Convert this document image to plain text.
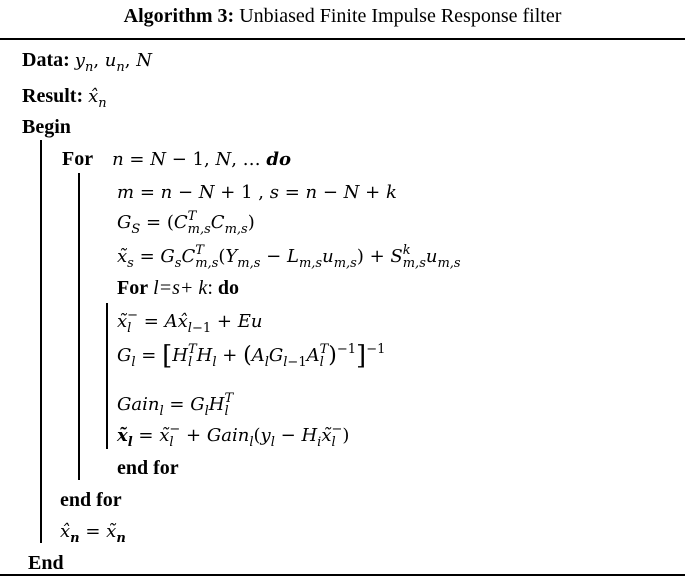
Algorithm 3: Unbiased Finite Impulse Response filter
Data: $y_n$, $u_n$, N
Result: $x̂_n$
Begin
For n = N − 1, N, … do
m = n − N + 1 , s = n − N + k
$G_S = (C$ T
m,s $C_{m,s}$)
$x̃_s = G_sC$ T
m,s $(Y_{m,s} - L_{m,s}u_{m,s}) + S$ k
m,s $u_{m,s}$
For l=s+ k: do
x̃ −
$l = Ax̂_{l-1} + Eu$
$G_l = [H$ T
l $H_l + (A_lG_{l-1}A$ T
l )$^{-1}$]$^{-1}$
Gain$_l$ = $G_lH$ T
l
$x̃_l$ = x̃ −
$l + Gain_l(y_l$ − $H_ix̃$ −
l )
end for
end for
$x̂_n$ = $x̃_n$
End
